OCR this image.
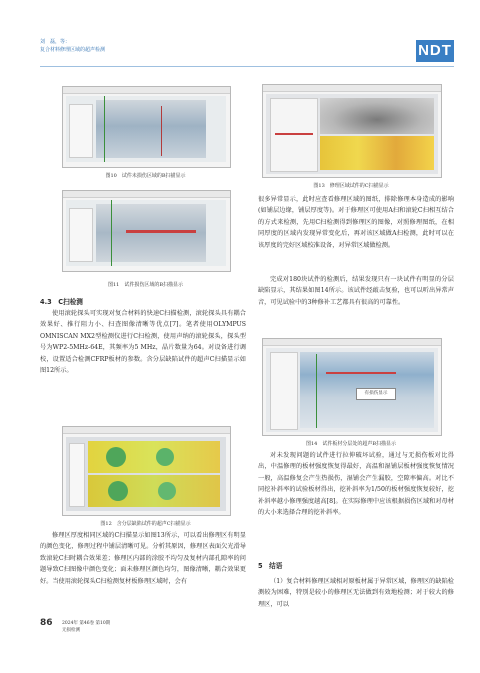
刘　磊，等：
复合材料修理区域的超声检测	NDT
图10　试件未损伤区域的B扫描显示
图11　试件损伤区域的B扫描显示
4.3　C扫检测
使用滚轮探头可实现对复合材料的快速C扫描检测，滚轮探头具有耦合效果好、推行阻力小、扫查图像清晰等优点[7]。笔者使用OLYMPUS OMNISCAN MX2型检测仪进行C扫检测，使用声纳的滚轮探头，探头型号为WP2-5MHz-64E，其频率为5 MHz，晶片数量为64。对设备进行调校，设置适合检测CFRP板材的参数。含分层缺陷试件的超声C扫描显示如图12所示。
图12　含分层缺陷试件的超声C扫描显示
修理区厚度相同区域的C扫描显示如图13所示，可以看出修理区有明显的颜色变化，修理过程中铺层清晰可见。分析其原因，修理区表面欠光滑导致滚轮C扫时耦合效果差；修理区内部的涂胶不均匀及复材内部孔隙率的问题导致C扫图像中颜色变化；面未修理区颜色均匀，图像清晰，耦合效果更好。当使用滚轮探头C扫检测复材板修理区域时，会有
图13　修理区域试件的C扫描显示
很多异常显示，此时应查看修理区域的图纸，排除修理本身造成的影响(如铺层边缘，铺层厚度等)。对于修理区可使用A扫和滚轮C扫相互结合的方式来检测，先用C扫检测得到修理区的图像，对照修理图纸，在相同厚度的区域内发现异常变化后，再对该区域做A扫检测，此时可以在该厚度的完好区域校准设备，对异常区域做检测。
完成对180块试件的检测后，结果发现只有一块试件有明显的分层缺陷显示，其结果如图14所示。该试件经敲击复验，也可以听出异常声音，可见试验中的3种修补工艺都具有很高的可靠性。
有损伤显示
图14　试件板材分层处的超声B扫描显示
对未发现问题的试件进行拉伸破坏试验，通过与无损伤板对比得出，中温修理的板材强度恢复得最好，高温和湿铺层板材强度恢复情况一般，高温修复会产生热损伤，湿铺会产生漏胶，空隙率偏高。对比不同挖补斜率的试验板材得出，挖补斜率为1/50的板材强度恢复较好，挖补斜率越小修理强度越高[8]。在实际修理中应该根据损伤区域和对母材的大小来选择合理的挖补斜率。
5　结语
（1）复合材料修理区域相对原板材属于异常区域，修理区的缺陷检测较为困难，特别是较小的修理区无法做到有效地检测；对于较大的修理区，可以
86 2024年 第46卷 第10期
无损检测
